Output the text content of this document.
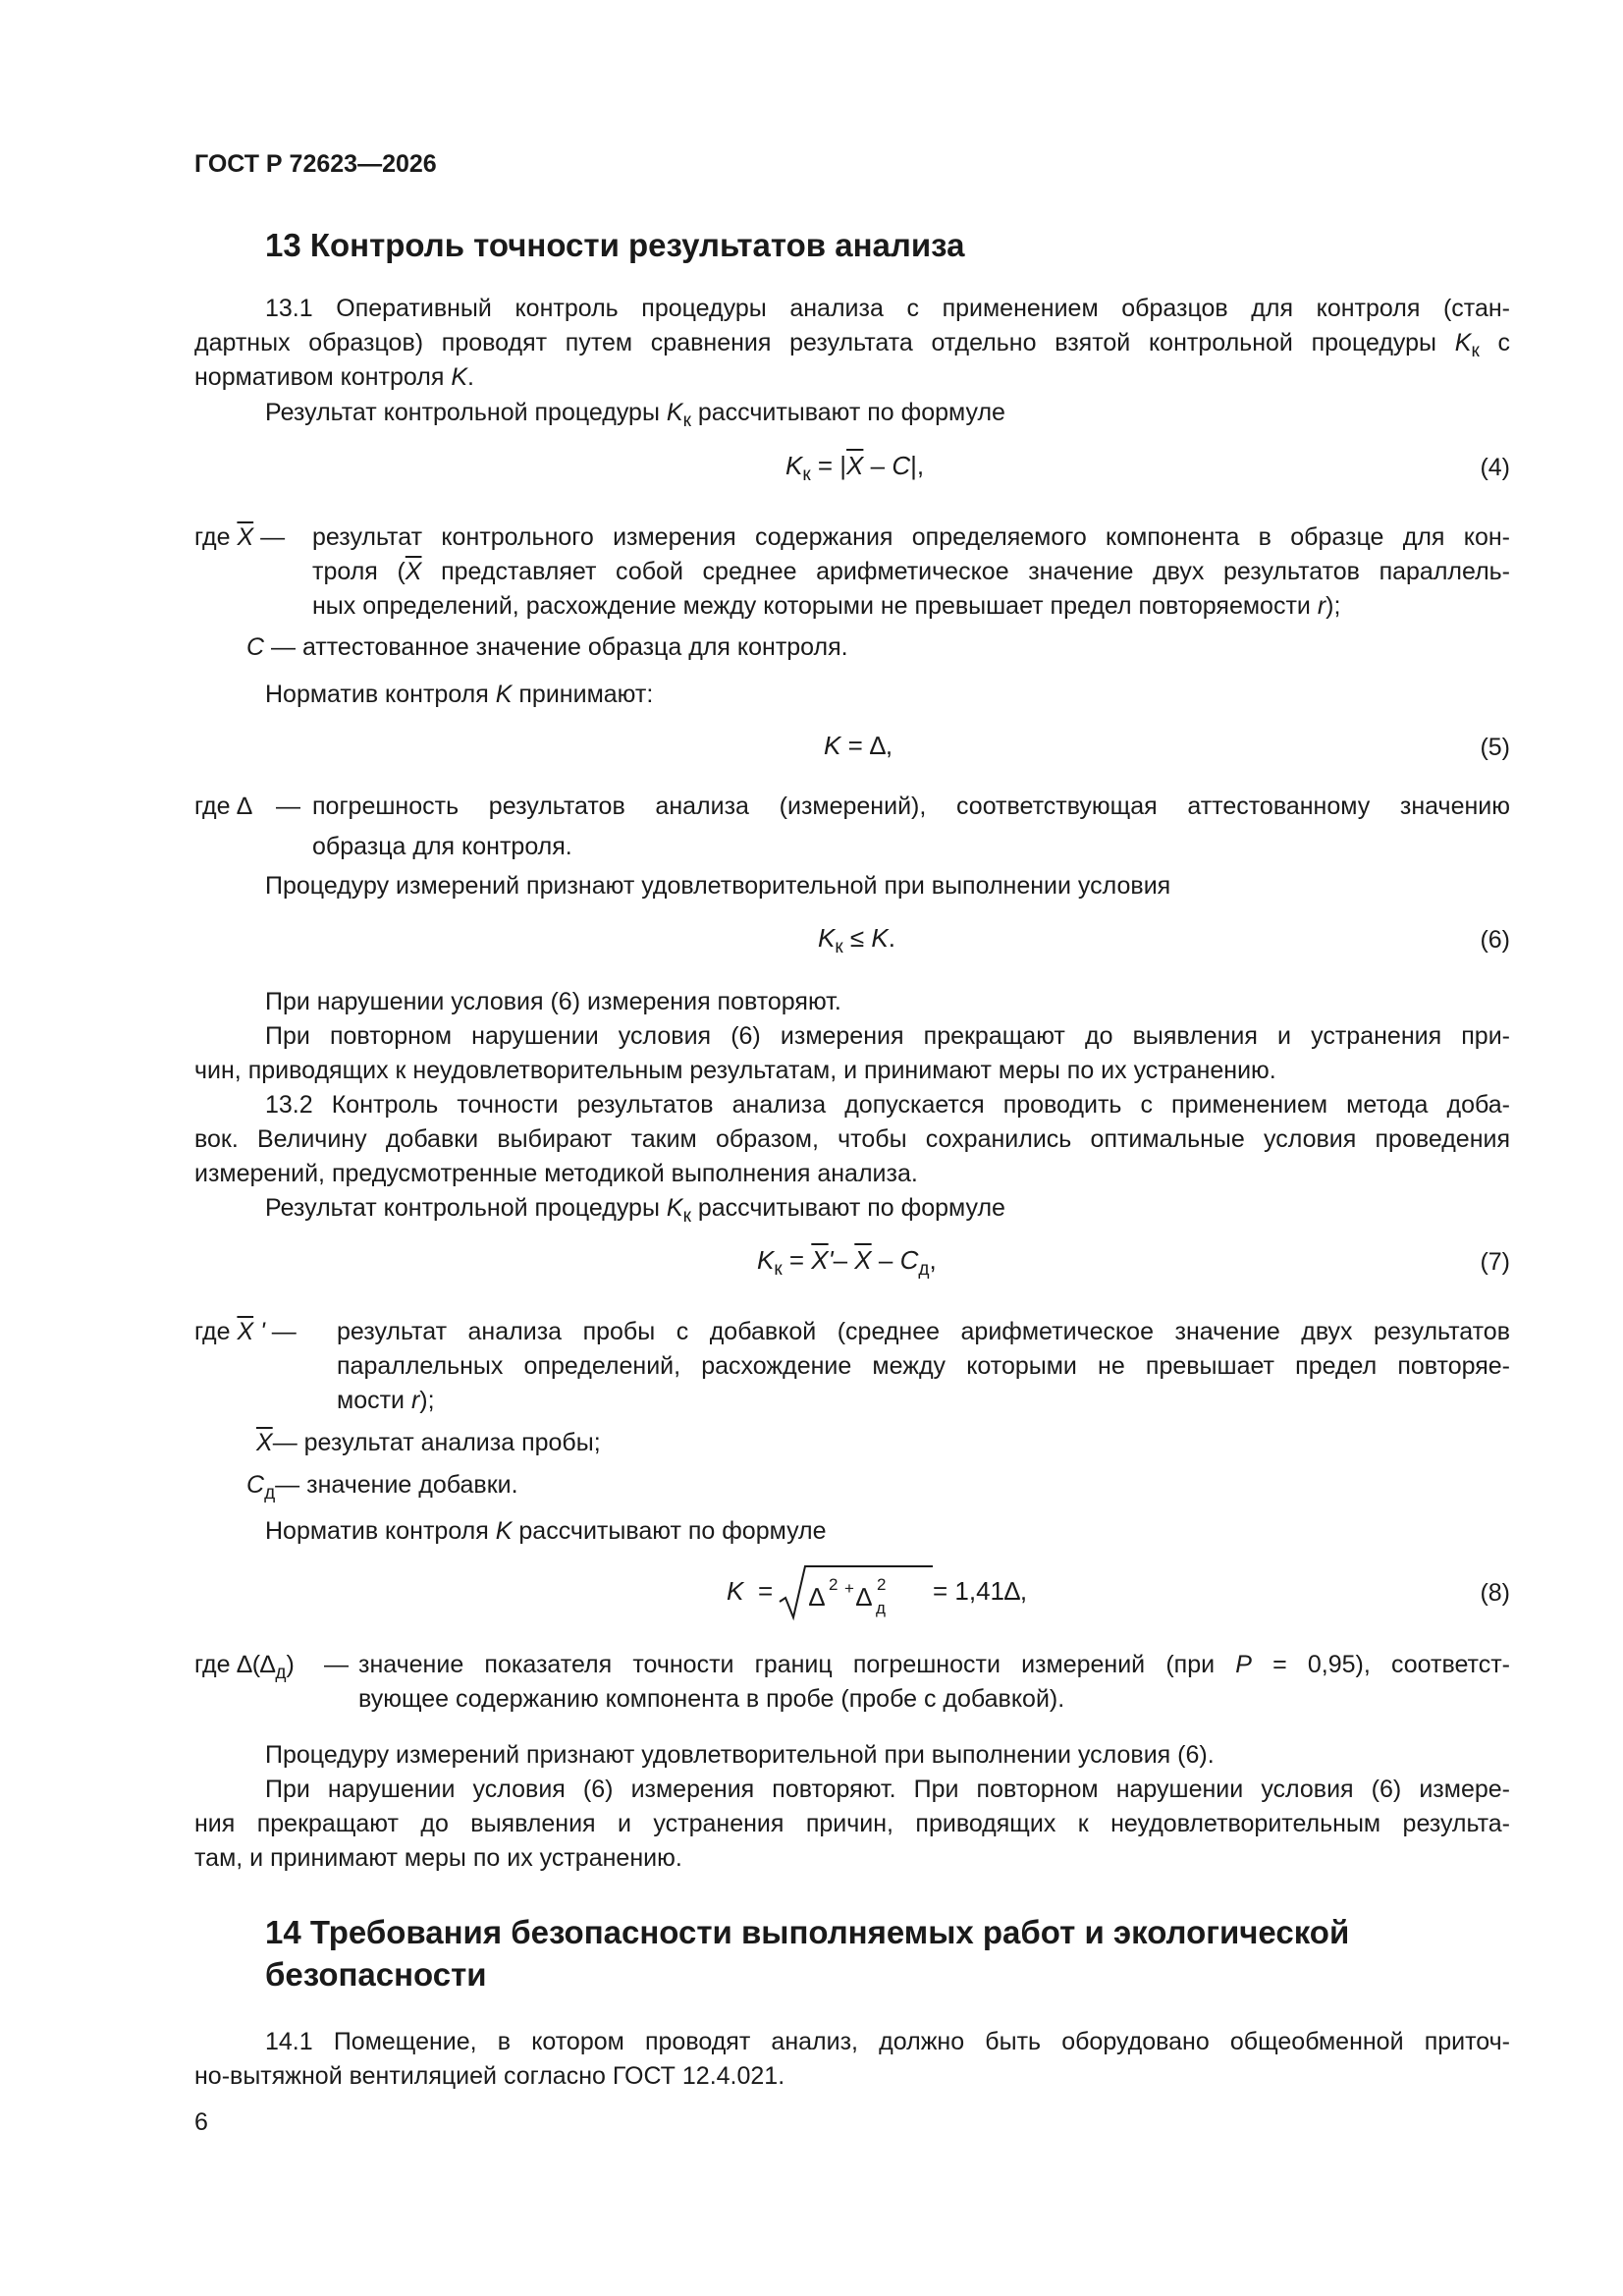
ГОСТ Р 72623—2026
13 Контроль точности результатов анализа
13.1 Оперативный контроль процедуры анализа с применением образцов для контроля (стан-
дартных образцов) проводят путем сравнения результата отдельно взятой контрольной процедуры $K_к$ с
нормативом контроля K.
Результат контрольной процедуры $K_к$ рассчитывают по формуле
$K_к = |\overline{X} - C|$,	(4)
где $\overline{X}$ — результат контрольного измерения содержания определяемого компонента в образце для кон-
троля ($\overline{X}$ представляет собой среднее арифметическое значение двух результатов параллель-
ных определений, расхождение между которыми не превышает предел повторяемости r);
C — аттестованное значение образца для контроля.
Норматив контроля K принимают:
K = ∆,	(5)
где ∆ — погрешность результатов анализа (измерений), соответствующая аттестованному значению
образца для контроля.
Процедуру измерений признают удовлетворительной при выполнении условия
$K_к \le K$.	(6)
При нарушении условия (6) измерения повторяют.
При повторном нарушении условия (6) измерения прекращают до выявления и устранения при-
чин, приводящих к неудовлетворительным результатам, и принимают меры по их устранению.
13.2 Контроль точности результатов анализа допускается проводить с применением метода доба-
вок. Величину добавки выбирают таким образом, чтобы сохранились оптимальные условия проведения
измерений, предусмотренные методикой выполнения анализа.
Результат контрольной процедуры $K_к$ рассчитывают по формуле
$K_к = \overline{X}'-$ $\overline{X} - C_д$,	(7)
где $\overline{X}$ ' — результат анализа пробы с добавкой (среднее арифметическое значение двух результатов
параллельных определений, расхождение между которыми не превышает предел повторяе-
мости r);
$\overline{X}—$ результат анализа пробы;
$C_д—$ значение добавки.
Норматив контроля K рассчитывают по формуле
K = ∆ 2 + ∆ 2
д
= 1,41∆,	(8)
где $\Delta(\Delta_д)$ — значение показателя точности границ погрешности измерений (при P = 0,95), соответст-
вующее содержанию компонента в пробе (пробе с добавкой).
Процедуру измерений признают удовлетворительной при выполнении условия (6).
При нарушении условия (6) измерения повторяют. При повторном нарушении условия (6) измере-
ния прекращают до выявления и устранения причин, приводящих к неудовлетворительным результа-
там, и принимают меры по их устранению.
14 Требования безопасности выполняемых работ и экологической
безопасности
14.1 Помещение, в котором проводят анализ, должно быть оборудовано общеобменной приточ-
но-вытяжной вентиляцией согласно ГОСТ 12.4.021.
6
